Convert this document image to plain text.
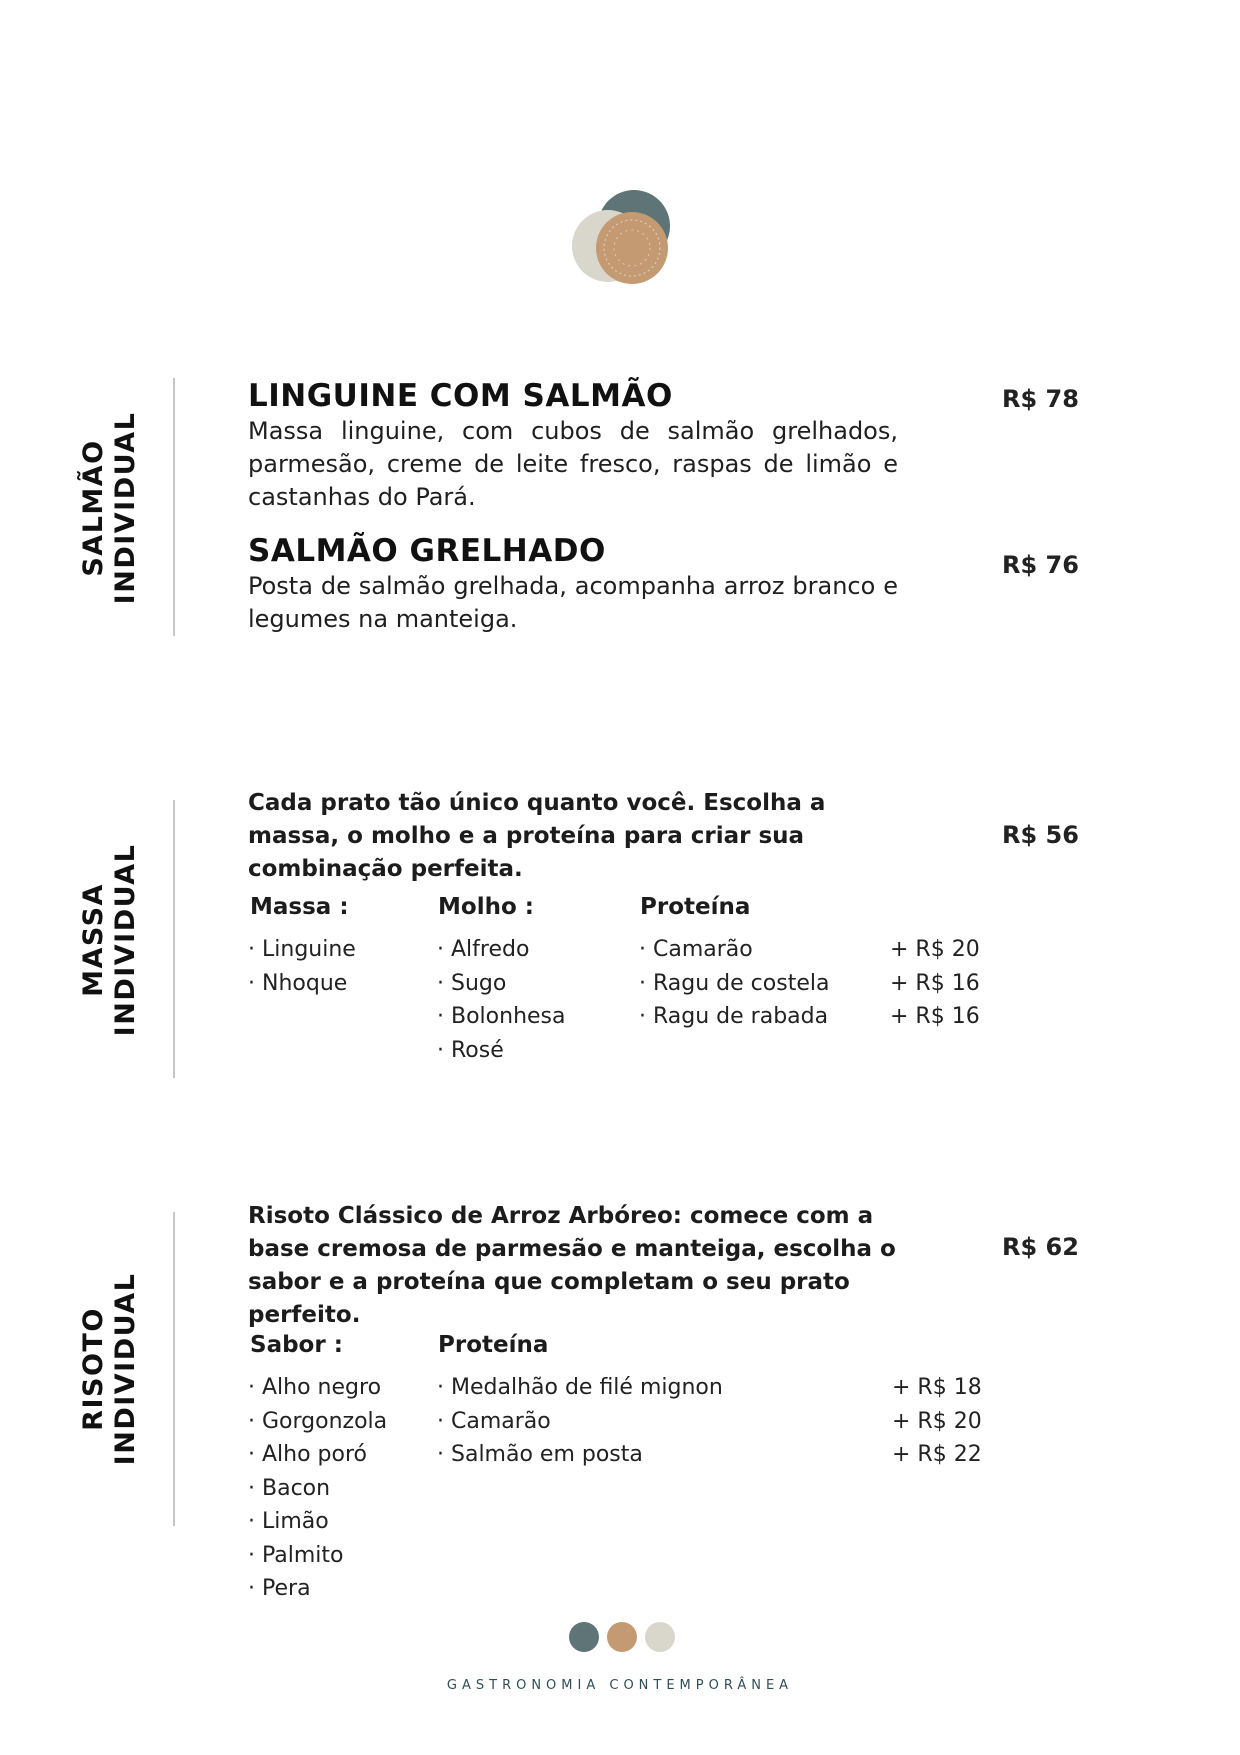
SALMÃO INDIVIDUAL
LINGUINE COM SALMÃO	R$ 78
Massa linguine, com cubos de salmão grelhados, parmesão, creme de leite fresco, raspas de limão e castanhas do Pará.
SALMÃO GRELHADO	R$ 76
Posta de salmão grelhada, acompanha arroz branco e legumes na manteiga.
MASSA INDIVIDUAL
Cada prato tão único quanto você. Escolha a massa, o molho e a proteína para criar sua combinação perfeita.
R$ 56
Massa :
· Linguine
· Nhoque
Molho :
· Alfredo
· Sugo
· Bolonhesa
· Rosé
Proteína
· Camarão
· Ragu de costela
· Ragu de rabada
+ R$ 20
+ R$ 16
+ R$ 16
RISOTO INDIVIDUAL
Risoto Clássico de Arroz Arbóreo: comece com a base cremosa de parmesão e manteiga, escolha o sabor e a proteína que completam o seu prato perfeito.
R$ 62
Sabor :
· Alho negro
· Gorgonzola
· Alho poró
· Bacon
· Limão
· Palmito
· Pera
Proteína
· Medalhão de filé mignon
· Camarão
· Salmão em posta
+ R$ 18
+ R$ 20
+ R$ 22
GASTRONOMIA CONTEMPORÂNEA
